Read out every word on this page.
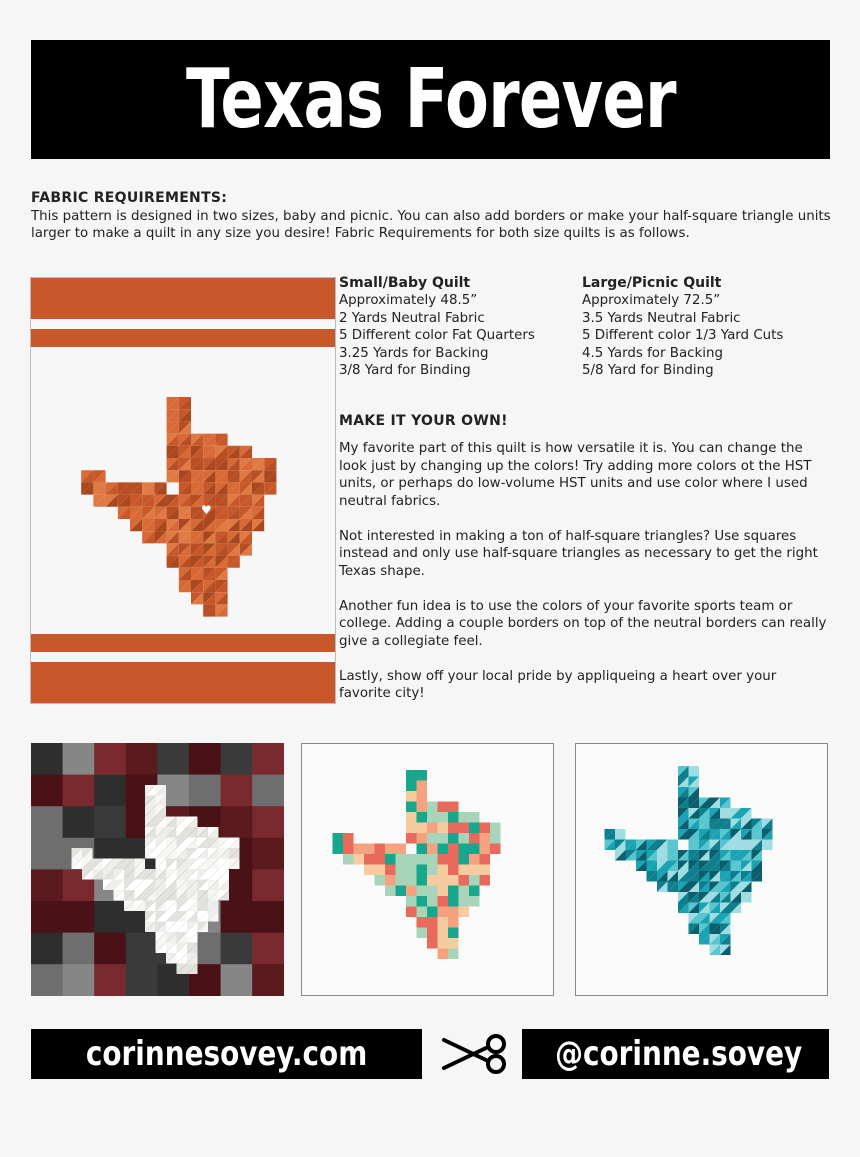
Texas Forever
FABRIC REQUIREMENTS:
This pattern is designed in two sizes, baby and picnic. You can also add borders or make your half-square triangle units larger to make a quilt in any size you desire! Fabric Requirements for both size quilts is as follows.
♥
Small/Baby Quilt
Approximately 48.5”
2 Yards Neutral Fabric
5 Different color Fat Quarters
3.25 Yards for Backing
3/8 Yard for Binding
Large/Picnic Quilt
Approximately 72.5”
3.5 Yards Neutral Fabric
5 Different color 1/3 Yard Cuts
4.5 Yards for Backing
5/8 Yard for Binding
MAKE IT YOUR OWN!

My favorite part of this quilt is how versatile it is. You can change the look just by changing up the colors! Try adding more colors ot the HST units, or perhaps do low-volume HST units and use color where I used neutral fabrics.

Not interested in making a ton of half-square triangles? Use squares instead and only use half-square triangles as necessary to get the right Texas shape.

Another fun idea is to use the colors of your favorite sports team or college. Adding a couple borders on top of the neutral borders can really give a collegiate feel.

Lastly, show off your local pride by appliqueing a heart over your favorite city!

corinnesovey.com	@corinne.sovey
